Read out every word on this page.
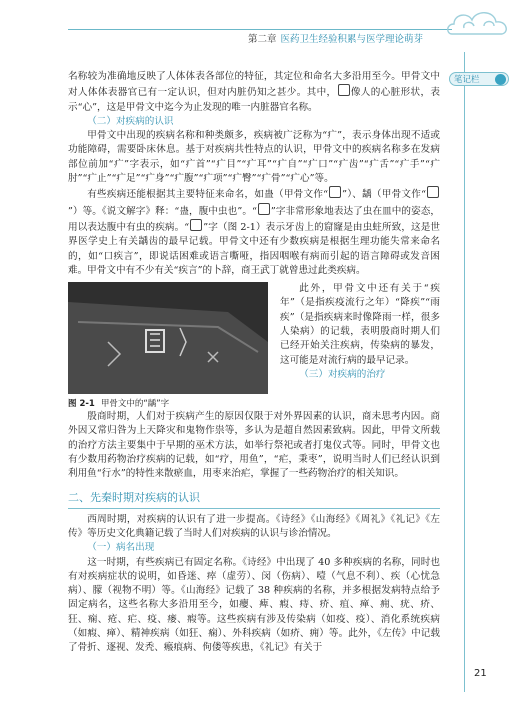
第二章 医药卫生经验积累与医学理论萌芽
笔记栏

名称较为准确地反映了人体体表各部位的特征，其定位和命名大多沿用至今。甲骨文中对人体体表器官已有一定认识，但对内脏仍知之甚少。其中， 像人的心脏形状，表示“心”，这是甲骨文中迄今为止发现的唯一内脏器官名称。

（二）对疾病的认识

甲骨文中出现的疾病名称和种类颇多，疾病被广泛称为“疒”，表示身体出现不适或功能障碍，需要卧床休息。基于对疾病共性特点的认识，甲骨文中的疾病名称多在发病部位前加“疒”字表示，如“疒首”“疒目”“疒耳”“疒自”“疒口”“疒齿”“疒舌”“疒手”“疒肘”“疒止”“疒足”“疒身”“疒腹”“疒项”“疒臀”“疒骨”“疒心”等。

有些疾病还能根据其主要特征来命名，如蛊（甲骨文作“ ”）、龋（甲骨文作“”）等。《说文解字》释：“蛊，腹中虫也”。“ ”字非常形象地表达了虫在皿中的姿态，用以表达腹中有虫的疾病。“ ”字（图 2-1）表示牙齿上的窟窿是由虫蛀所致，这是世界医学史上有关龋齿的最早记载。甲骨文中还有少数疾病是根据生理功能失常来命名的，如“口疾言”，即说话困难或语言嘶哑，指因咽喉有病而引起的语言障碍或发音困难。甲骨文中有不少有关“疾言”的卜辞，商王武丁就曾患过此类疾病。

图 2-1 甲骨文中的“龋”字

此外，甲骨文中还有关于“疾年”（是指疾疫流行之年）“降疾”“雨疾”（是指疾病来时像降雨一样，很多人染病）的记载，表明殷商时期人们已经开始关注疾病，传染病的暴发，这可能是对流行病的最早记录。

（三）对疾病的治疗

殷商时期，人们对于疾病产生的原因仅限于对外界因素的认识，商未思考内因。商外因又常归咎为上天降灾和鬼物作祟等，多认为是超自然因素致病。因此，甲骨文所载的治疗方法主要集中于早期的巫术方法，如举行祭祀或者打鬼仪式等。同时，甲骨文也有少数用药物治疗疾病的记载，如“疗，用鱼”，“疟，秉枣”，说明当时人们已经认识到利用鱼“行水”的特性来散瘀血，用枣来治疟，掌握了一些药物治疗的相关知识。

二、先秦时期对疾病的认识

西周时期，对疾病的认识有了进一步提高。《诗经》《山海经》《周礼》《礼记》《左传》等历史文化典籍记载了当时人们对疾病的认识与诊治情况。

（一）病名出现

这一时期，有些疾病已有固定名称。《诗经》中出现了 40 多种疾病的名称，同时也有对疾病症状的说明，如昏迷、瘁（虚劳）、闵（伤病）、噎（气息不利）、疾（心忧急病）、朦（视物不明）等。《山海经》记载了 38 种疾病的名称，并多根据发病特点给予固定病名，这些名称大多沿用至今，如瘿、痺、瘕、痔、疥、疽、瘅、痈、疣、疥、狂、痫、疮、疟、疫、瘘、瘕等。这些疾病有涉及传染病（如疫、疫）、消化系统疾病（如瘕、瘅）、精神疾病（如狂、痫）、外科疾病（如疥、痈）等。此外，《左传》中记载了骨折、逐视、发秃、瘢痕病、佝偻等疾患，《礼记》有关于

21
